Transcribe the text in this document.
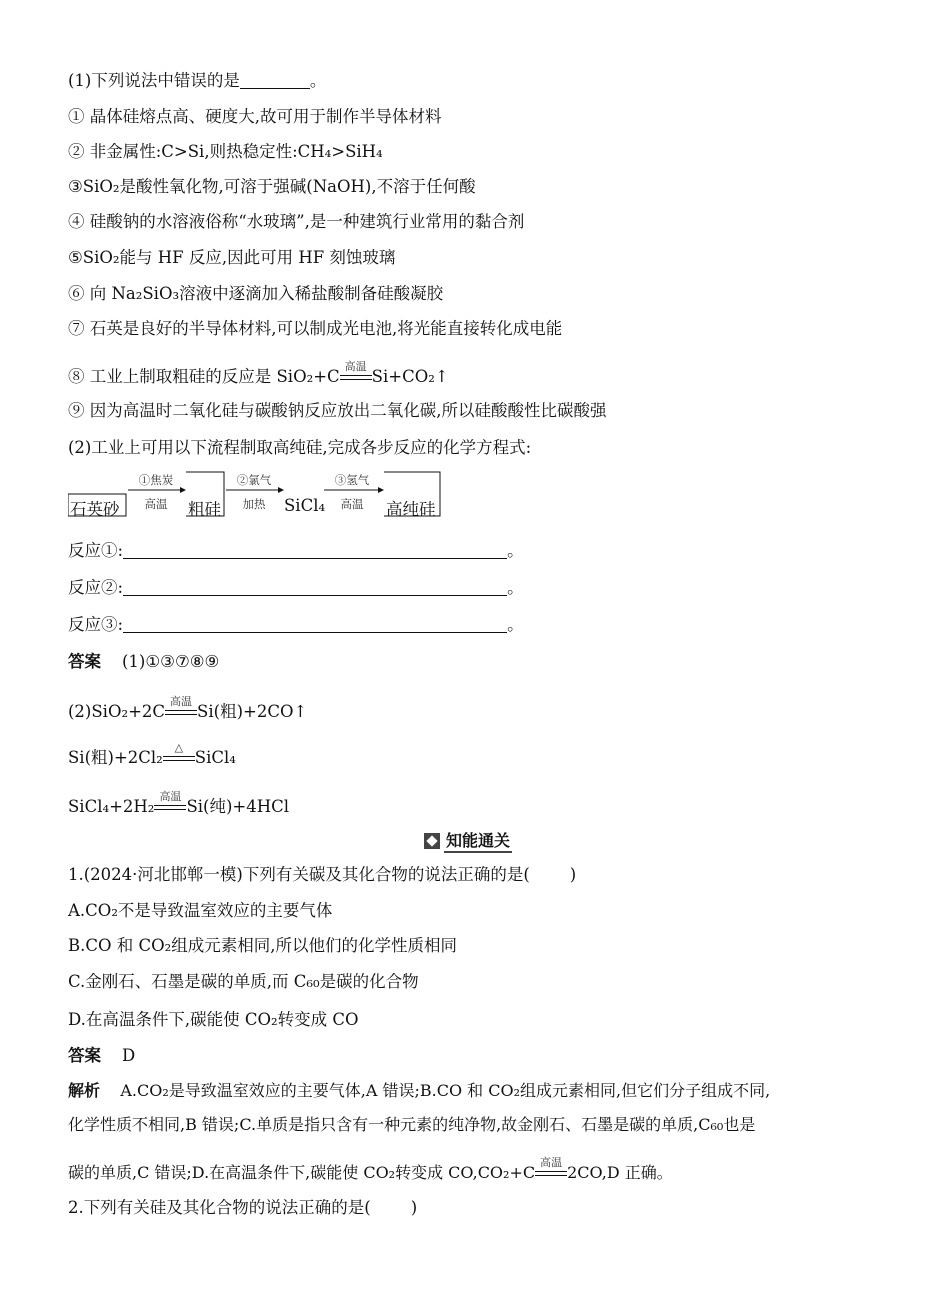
(1)下列说法中错误的是	。
① 晶体硅熔点高、硬度大,故可用于制作半导体材料
② 非金属性:C>Si,则热稳定性:CH₄>SiH₄
③SiO₂是酸性氧化物,可溶于强碱(NaOH),不溶于任何酸
④ 硅酸钠的水溶液俗称“水玻璃”,是一种建筑行业常用的黏合剂
⑤SiO₂能与 HF 反应,因此可用 HF 刻蚀玻璃
⑥ 向 Na₂SiO₃溶液中逐滴加入稀盐酸制备硅酸凝胶
⑦ 石英是良好的半导体材料,可以制成光电池,将光能直接转化成电能
⑧ 工业上制取粗硅的反应是 SiO₂+C
高温
Si+CO₂↑
⑨ 因为高温时二氧化硅与碳酸钠反应放出二氧化碳,所以硅酸酸性比碳酸强
(2)工业上可用以下流程制取高纯硅,完成各步反应的化学方程式:
石英砂	粗硅	SiCl₄	高纯硅
①焦炭
高温
②氯气
加热
③氢气
高温
反应①:	。
反应②:	。
反应③:	。
答案 (1)①③⑦⑧⑨
(2)SiO₂+2C
高温
Si(粗)+2CO↑
Si(粗)+2Cl₂
△
SiCl₄
SiCl₄+2H₂
高温
Si(纯)+4HCl
知能通关
1.(2024·河北邯郸一模)下列有关碳及其化合物的说法正确的是( )
A.CO₂不是导致温室效应的主要气体
B.CO 和 CO₂组成元素相同,所以他们的化学性质相同
C.金刚石、石墨是碳的单质,而 C₆₀是碳的化合物
D.在高温条件下,碳能使 CO₂转变成 CO
答案 D
解析 A.CO₂是导致温室效应的主要气体,A 错误;B.CO 和 CO₂组成元素相同,但它们分子组成不同,
化学性质不相同,B 错误;C.单质是指只含有一种元素的纯净物,故金刚石、石墨是碳的单质,C₆₀也是
碳的单质,C 错误;D.在高温条件下,碳能使 CO₂转变成 CO,CO₂+C
高温
2CO,D 正确。
2.下列有关硅及其化合物的说法正确的是( )
